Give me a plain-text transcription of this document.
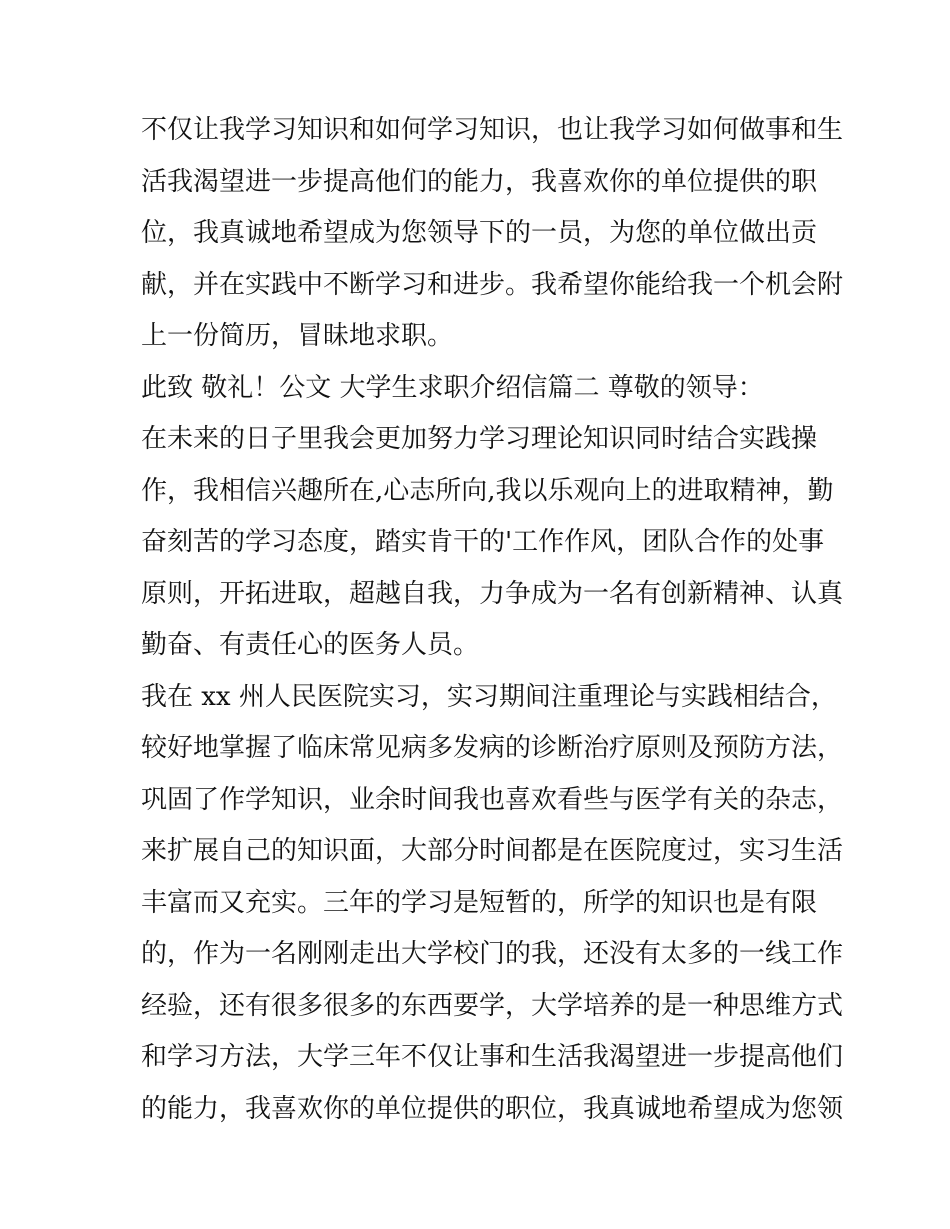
不仅让我学习知识和如何学习知识，也让我学习如何做事和生
活我渴望进一步提高他们的能力，我喜欢你的单位提供的职
位，我真诚地希望成为您领导下的一员，为您的单位做出贡
献，并在实践中不断学习和进步。我希望你能给我一个机会附
上一份简历，冒昧地求职。
此致 敬礼！公文 大学生求职介绍信篇二 尊敬的领导：
在未来的日子里我会更加努力学习理论知识同时结合实践操
作，我相信兴趣所在,心志所向,我以乐观向上的进取精神，勤
奋刻苦的学习态度，踏实肯干的'工作作风，团队合作的处事
原则，开拓进取，超越自我，力争成为一名有创新精神、认真
勤奋、有责任心的医务人员。
我在 xx 州人民医院实习，实习期间注重理论与实践相结合，
较好地掌握了临床常见病多发病的诊断治疗原则及预防方法，
巩固了作学知识，业余时间我也喜欢看些与医学有关的杂志，
来扩展自己的知识面，大部分时间都是在医院度过，实习生活
丰富而又充实。三年的学习是短暂的，所学的知识也是有限
的，作为一名刚刚走出大学校门的我，还没有太多的一线工作
经验，还有很多很多的东西要学，大学培养的是一种思维方式
和学习方法，大学三年不仅让事和生活我渴望进一步提高他们
的能力，我喜欢你的单位提供的职位，我真诚地希望成为您领
